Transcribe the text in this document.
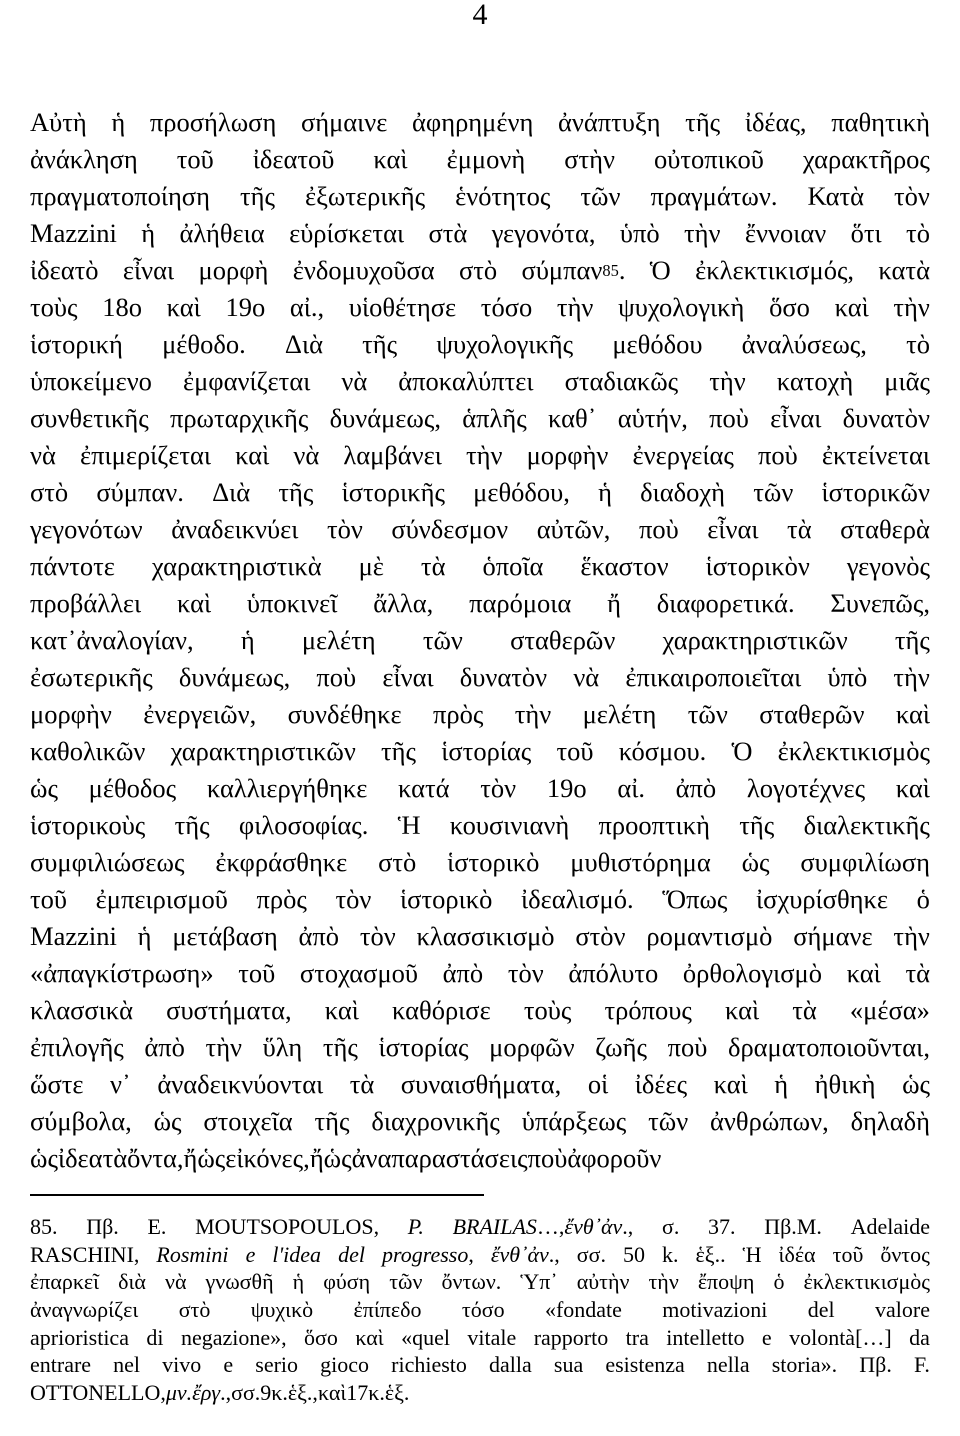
4
Αὐτὴ ἡ προσήλωση σήμαινε ἀφηρημένη ἀνάπτυξη τῆς ἰδέας, παθητικὴ
ἀνάκληση τοῦ ἰδεατοῦ καὶ ἐμμονὴ στὴν οὐτοπικοῦ χαρακτῆρος
πραγματοποίηση τῆς ἐξωτερικῆς ἑνότητος τῶν πραγμάτων. Κατὰ τὸν
Mazzini ἡ ἀλήθεια εὑρίσκεται στὰ γεγονότα, ὑπὸ τὴν ἔννοιαν ὅτι τὸ
ἰδεατὸ εἶναι μορφὴ ἐνδομυχοῦσα στὸ σύμπαν$^{85}$. Ὁ ἐκλεκτικισμός, κατὰ
τοὺς 18ο καὶ 19ο αἰ., υἱοθέτησε τόσο τὴν ψυχολογικὴ ὅσο καὶ τὴν
ἱστορική μέθοδο. Διὰ τῆς ψυχολογικῆς μεθόδου ἀναλύσεως, τὸ
ὑποκείμενο ἐμφανίζεται νὰ ἀποκαλύπτει σταδιακῶς τὴν κατοχὴ μιᾶς
συνθετικῆς πρωταρχικῆς δυνάμεως, ἁπλῆς καθ᾽ αὑτήν, ποὺ εἶναι δυνατὸν
νὰ ἐπιμερίζεται καὶ νὰ λαμβάνει τὴν μορφὴν ἐνεργείας ποὺ ἐκτείνεται
στὸ σύμπαν. Διὰ τῆς ἱστορικῆς μεθόδου, ἡ διαδοχὴ τῶν ἱστορικῶν
γεγονότων ἀναδεικνύει τὸν σύνδεσμον αὐτῶν, ποὺ εἶναι τὰ σταθερὰ
πάντοτε χαρακτηριστικὰ μὲ τὰ ὁποῖα ἕκαστον ἱστορικὸν γεγονὸς
προβάλλει καὶ ὑποκινεῖ ἄλλα, παρόμοια ἤ διαφορετικά. Συνεπῶς,
κατ᾽ἀναλογίαν, ἡ μελέτη τῶν σταθερῶν χαρακτηριστικῶν τῆς
ἐσωτερικῆς δυνάμεως, ποὺ εἶναι δυνατὸν νὰ ἐπικαιροποιεῖται ὑπὸ τὴν
μορφὴν ἐνεργειῶν, συνδέθηκε πρὸς τὴν μελέτη τῶν σταθερῶν καὶ
καθολικῶν χαρακτηριστικῶν τῆς ἱστορίας τοῦ κόσμου. Ὁ ἐκλεκτικισμὸς
ὡς μέθοδος καλλιεργήθηκε κατά τὸν 19ο αἰ. ἀπὸ λογοτέχνες καὶ
ἱστορικοὺς τῆς φιλοσοφίας. Ἡ κουσινιανὴ προοπτικὴ τῆς διαλεκτικῆς
συμφιλιώσεως ἐκφράσθηκε στὸ ἱστορικὸ μυθιστόρημα ὡς συμφιλίωση
τοῦ ἐμπειρισμοῦ πρὸς τὸν ἱστορικὸ ἰδεαλισμό. Ὅπως ἰσχυρίσθηκε ὁ
Mazzini ἡ μετάβαση ἀπὸ τὸν κλασσικισμὸ στὸν ρομαντισμὸ σήμανε τὴν
«ἀπαγκίστρωση» τοῦ στοχασμοῦ ἀπὸ τὸν ἀπόλυτο ὀρθολογισμὸ καὶ τὰ
κλασσικὰ συστήματα, καὶ καθόρισε τοὺς τρόπους καὶ τὰ «μέσα»
ἐπιλογῆς ἀπὸ τὴν ὕλη τῆς ἱστορίας μορφῶν ζωῆς ποὺ δραματοποιοῦνται,
ὥστε ν᾽ ἀναδεικνύονται τὰ συναισθήματα, οἱ ἰδέες καὶ ἡ ἠθικὴ ὡς
σύμβολα, ὡς στοιχεῖα τῆς διαχρονικῆς ὑπάρξεως τῶν ἀνθρώπων, δηλαδὴ
ὡς ἰδεατὰ ὄντα, ἤ ὡς εἰκόνες, ἤ ὡς ἀναπαραστάσεις ποὺ ἀφοροῦν
85. Πβ. E. MOUTSOPOULOS, P. BRAILAS…,ἔνθ᾽ἀν., σ. 37. Πβ.M. Adelaide
RASCHINI, Rosmini e l'idea del progresso, ἔνθ᾽ἀν., σσ. 50 k. ἑξ.. Ἡ ἰδέα τοῦ ὄντος
ἐπαρκεῖ διὰ νὰ γνωσθῆ ἡ φύση τῶν ὄντων. Ὑπ᾽ αὐτὴν τὴν ἔποψη ὁ ἐκλεκτικισμὸς
ἀναγνωρίζει στὸ ψυχικὸ ἐπίπεδο τόσο «fondate motivazioni del valore
aprioristica di negazione», ὅσο καὶ «quel vitale rapporto tra intelletto e volontà[…] da
entrare nel vivo e serio gioco richiesto dalla sua esistenza nella storia». Πβ. F.
OTTONELLO, μν. ἔργ., σσ. 9 κ. ἑξ., καὶ 17 κ. ἑξ.
